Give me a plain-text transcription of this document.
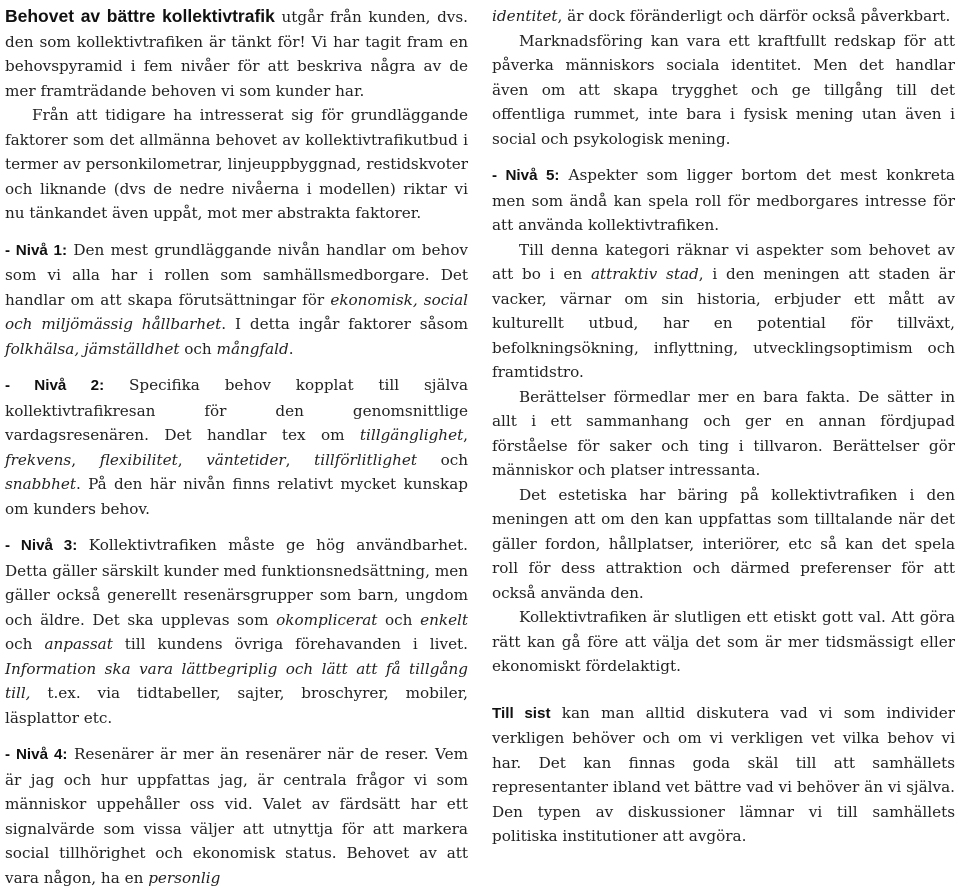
Behovet av bättre kollektivtrafik utgår från kunden, dvs. den som kollektivtrafiken är tänkt för! Vi har tagit fram en behovspyramid i fem nivåer för att beskriva några av de mer framträdande behoven vi som kunder har.

Från att tidigare ha intresserat sig för grundläggande faktorer som det allmänna behovet av kollektivtrafikutbud i termer av personkilometrar, linjeuppbyggnad, restidskvoter och liknande (dvs de nedre nivåerna i modellen) riktar vi nu tänkandet även uppåt, mot mer abstrakta faktorer.

- Nivå 1: Den mest grundläggande nivån handlar om behov som vi alla har i rollen som samhällsmedborgare. Det handlar om att skapa förutsättningar för ekonomisk, social och miljömässig hållbarhet. I detta ingår faktorer såsom folkhälsa, jämställdhet och mångfald.

- Nivå 2: Specifika behov kopplat till själva kollektivtrafikresan för den genomsnittlige vardagsresenären. Det handlar tex om tillgänglighet, frekvens, flexibilitet, väntetider, tillförlitlighet och snabbhet. På den här nivån finns relativt mycket kunskap om kunders behov.

- Nivå 3: Kollektivtrafiken måste ge hög användbarhet. Detta gäller särskilt kunder med funktionsnedsättning, men gäller också generellt resenärsgrupper som barn, ungdom och äldre. Det ska upplevas som okomplicerat och enkelt och anpassat till kundens övriga förehavanden i livet. Information ska vara lättbegriplig och lätt att få tillgång till, t.ex. via tidtabeller, sajter, broschyrer, mobiler, läsplattor etc.

- Nivå 4: Resenärer är mer än resenärer när de reser. Vem är jag och hur uppfattas jag, är centrala frågor vi som människor uppehåller oss vid. Valet av färdsätt har ett signalvärde som vissa väljer att utnyttja för att markera social tillhörighet och ekonomisk status. Behovet av att vara någon, ha en personlig

identitet, är dock föränderligt och därför också påverkbart.

Marknadsföring kan vara ett kraftfullt redskap för att påverka människors sociala identitet. Men det handlar även om att skapa trygghet och ge tillgång till det offentliga rummet, inte bara i fysisk mening utan även i social och psykologisk mening.

- Nivå 5: Aspekter som ligger bortom det mest konkreta men som ändå kan spela roll för medborgares intresse för att använda kollektivtrafiken.

Till denna kategori räknar vi aspekter som behovet av att bo i en attraktiv stad, i den meningen att staden är vacker, värnar om sin historia, erbjuder ett mått av kulturellt utbud, har en potential för tillväxt, befolkningsökning, inflyttning, utvecklingsoptimism och framtidstro.

Berättelser förmedlar mer en bara fakta. De sätter in allt i ett sammanhang och ger en annan fördjupad förståelse för saker och ting i tillvaron. Berättelser gör människor och platser intressanta.

Det estetiska har bäring på kollektivtrafiken i den meningen att om den kan uppfattas som tilltalande när det gäller fordon, hållplatser, interiörer, etc så kan det spela roll för dess attraktion och därmed preferenser för att också använda den.

Kollektivtrafiken är slutligen ett etiskt gott val. Att göra rätt kan gå före att välja det som är mer tidsmässigt eller ekonomiskt fördelaktigt.

Till sist kan man alltid diskutera vad vi som individer verkligen behöver och om vi verkligen vet vilka behov vi har. Det kan finnas goda skäl till att samhällets representanter ibland vet bättre vad vi behöver än vi själva. Den typen av diskussioner lämnar vi till samhällets politiska institutioner att avgöra.
